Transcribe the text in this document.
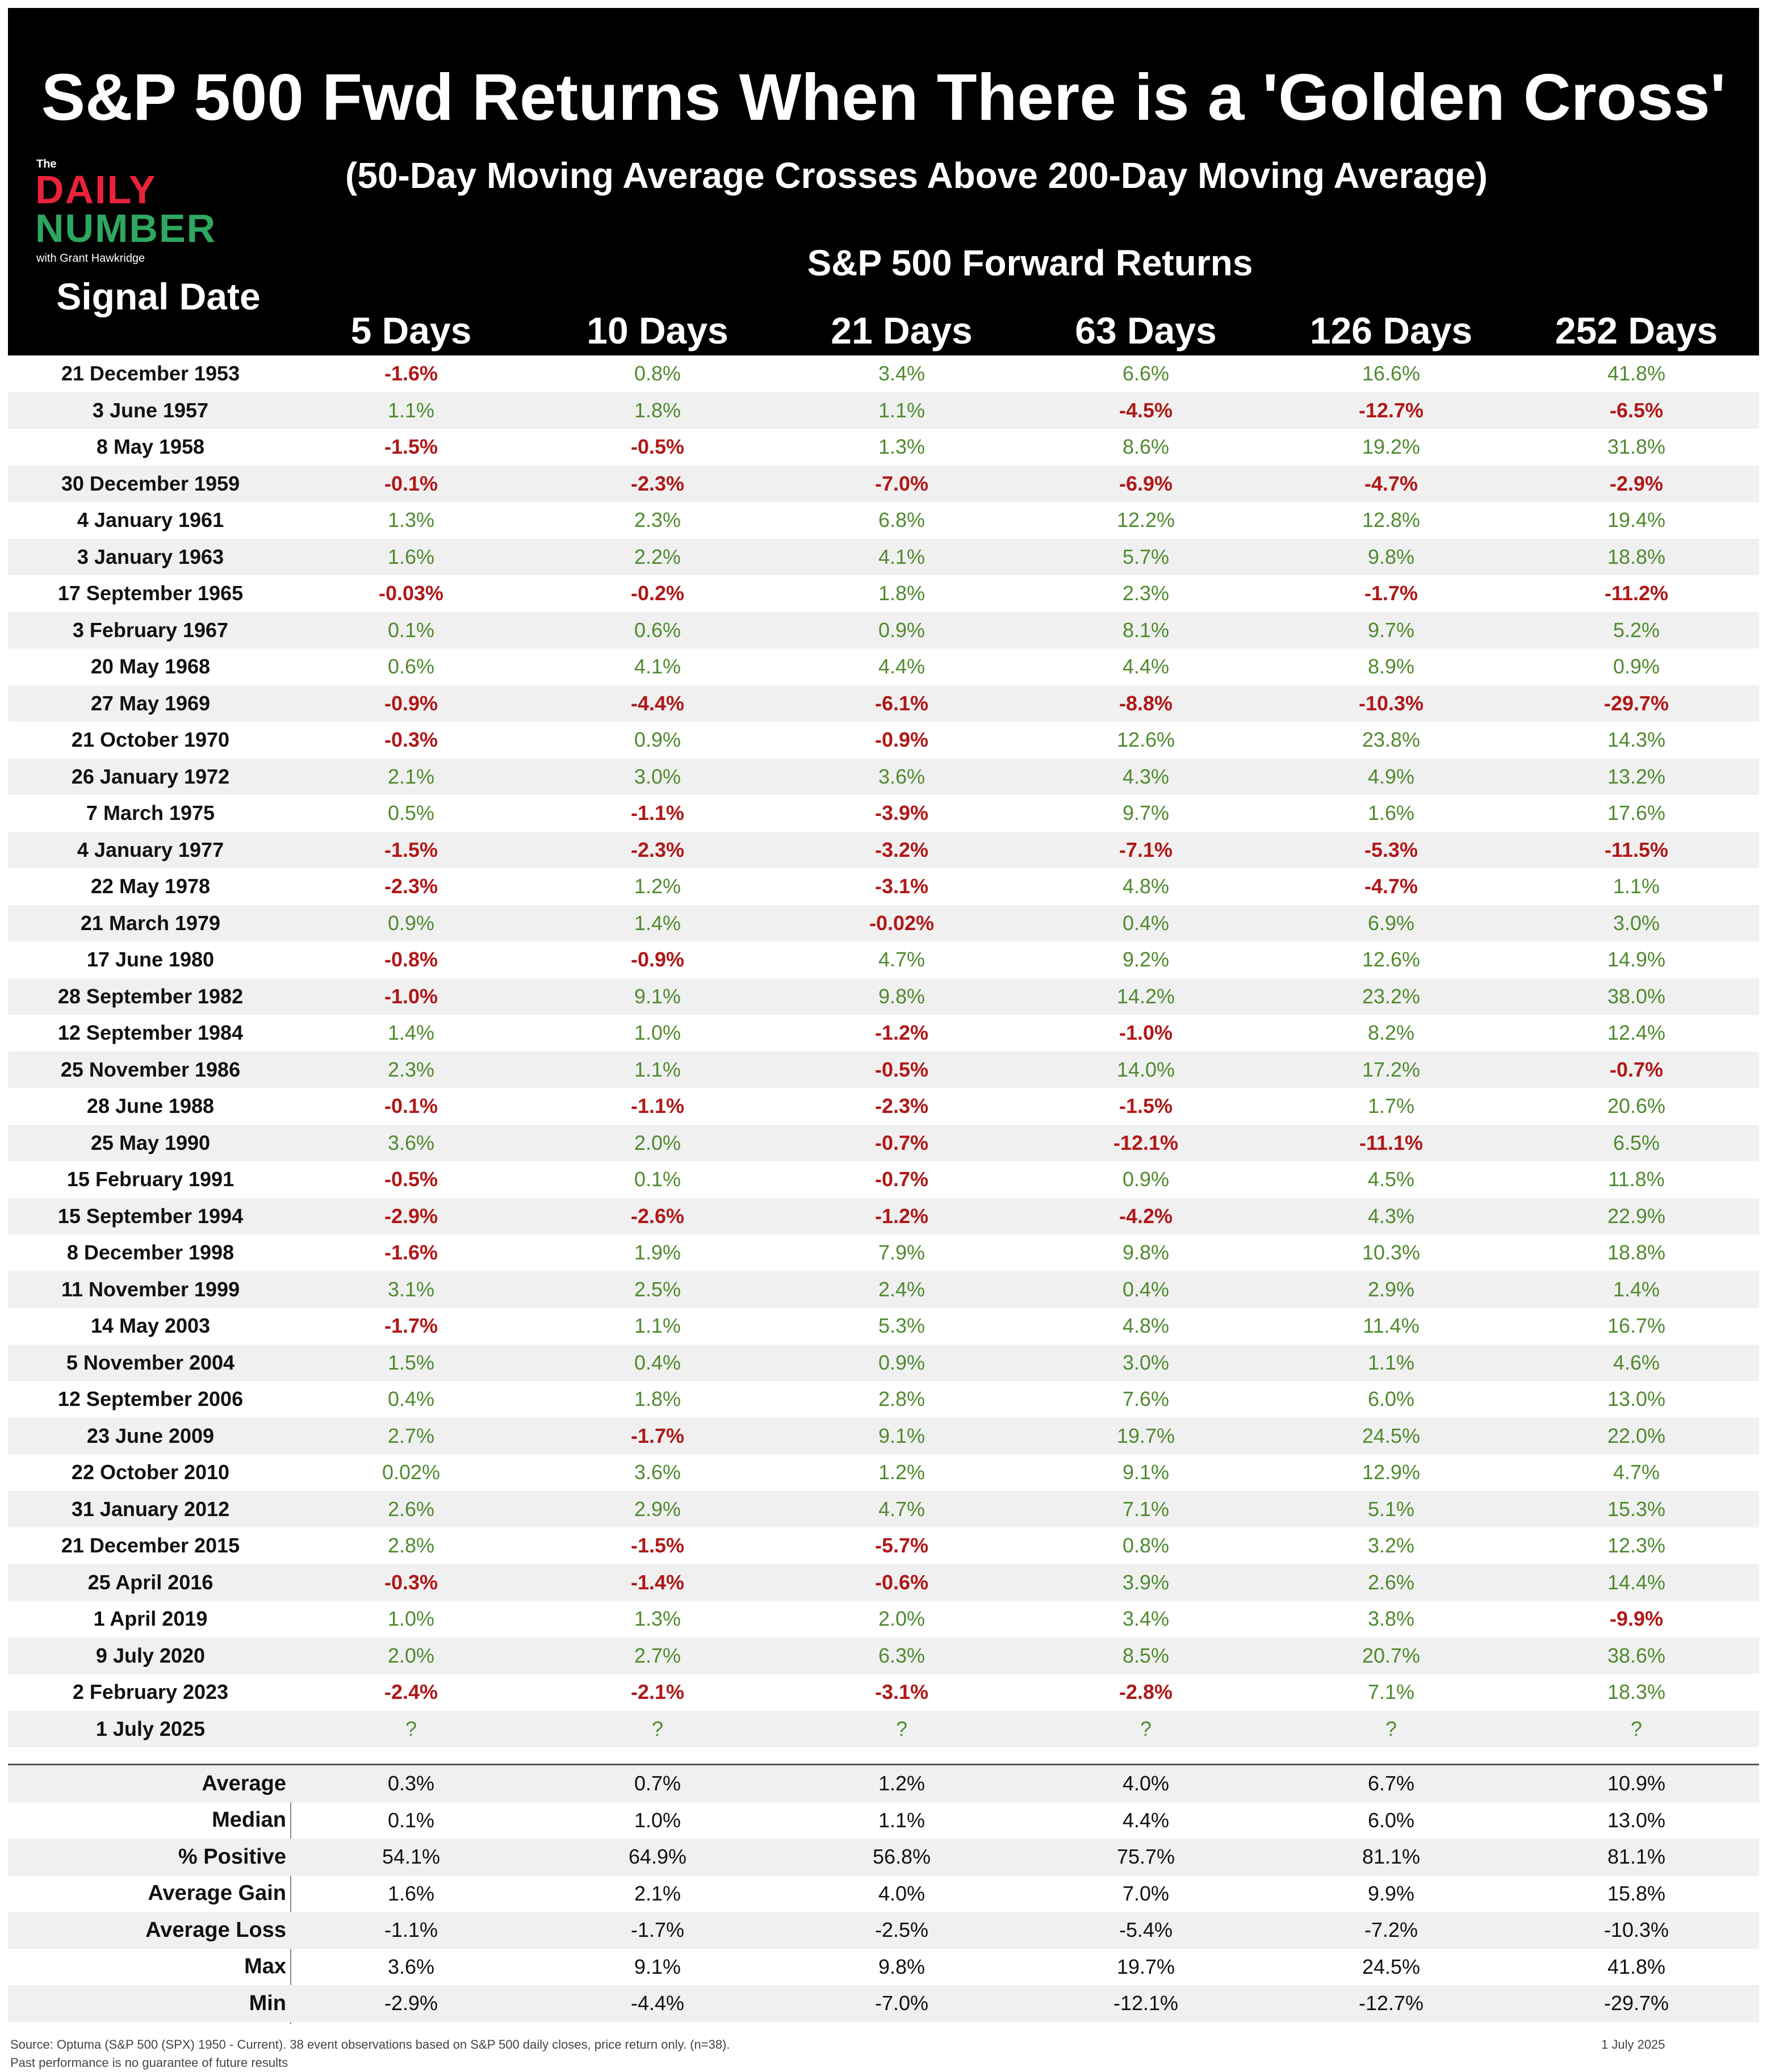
S&P 500 Fwd Returns When There is a 'Golden Cross'
The
DAILY
NUMBER
with Grant Hawkridge
(50-Day Moving Average Crosses Above 200-Day Moving Average)
S&P 500 Forward Returns
Signal Date
5 Days	10 Days	21 Days	63 Days	126 Days	252 Days
21 December 1953	-1.6%	0.8%	3.4%	6.6%	16.6%	41.8%
3 June 1957	1.1%	1.8%	1.1%	-4.5%	-12.7%	-6.5%
8 May 1958	-1.5%	-0.5%	1.3%	8.6%	19.2%	31.8%
30 December 1959	-0.1%	-2.3%	-7.0%	-6.9%	-4.7%	-2.9%
4 January 1961	1.3%	2.3%	6.8%	12.2%	12.8%	19.4%
3 January 1963	1.6%	2.2%	4.1%	5.7%	9.8%	18.8%
17 September 1965	-0.03%	-0.2%	1.8%	2.3%	-1.7%	-11.2%
3 February 1967	0.1%	0.6%	0.9%	8.1%	9.7%	5.2%
20 May 1968	0.6%	4.1%	4.4%	4.4%	8.9%	0.9%
27 May 1969	-0.9%	-4.4%	-6.1%	-8.8%	-10.3%	-29.7%
21 October 1970	-0.3%	0.9%	-0.9%	12.6%	23.8%	14.3%
26 January 1972	2.1%	3.0%	3.6%	4.3%	4.9%	13.2%
7 March 1975	0.5%	-1.1%	-3.9%	9.7%	1.6%	17.6%
4 January 1977	-1.5%	-2.3%	-3.2%	-7.1%	-5.3%	-11.5%
22 May 1978	-2.3%	1.2%	-3.1%	4.8%	-4.7%	1.1%
21 March 1979	0.9%	1.4%	-0.02%	0.4%	6.9%	3.0%
17 June 1980	-0.8%	-0.9%	4.7%	9.2%	12.6%	14.9%
28 September 1982	-1.0%	9.1%	9.8%	14.2%	23.2%	38.0%
12 September 1984	1.4%	1.0%	-1.2%	-1.0%	8.2%	12.4%
25 November 1986	2.3%	1.1%	-0.5%	14.0%	17.2%	-0.7%
28 June 1988	-0.1%	-1.1%	-2.3%	-1.5%	1.7%	20.6%
25 May 1990	3.6%	2.0%	-0.7%	-12.1%	-11.1%	6.5%
15 February 1991	-0.5%	0.1%	-0.7%	0.9%	4.5%	11.8%
15 September 1994	-2.9%	-2.6%	-1.2%	-4.2%	4.3%	22.9%
8 December 1998	-1.6%	1.9%	7.9%	9.8%	10.3%	18.8%
11 November 1999	3.1%	2.5%	2.4%	0.4%	2.9%	1.4%
14 May 2003	-1.7%	1.1%	5.3%	4.8%	11.4%	16.7%
5 November 2004	1.5%	0.4%	0.9%	3.0%	1.1%	4.6%
12 September 2006	0.4%	1.8%	2.8%	7.6%	6.0%	13.0%
23 June 2009	2.7%	-1.7%	9.1%	19.7%	24.5%	22.0%
22 October 2010	0.02%	3.6%	1.2%	9.1%	12.9%	4.7%
31 January 2012	2.6%	2.9%	4.7%	7.1%	5.1%	15.3%
21 December 2015	2.8%	-1.5%	-5.7%	0.8%	3.2%	12.3%
25 April 2016	-0.3%	-1.4%	-0.6%	3.9%	2.6%	14.4%
1 April 2019	1.0%	1.3%	2.0%	3.4%	3.8%	-9.9%
9 July 2020	2.0%	2.7%	6.3%	8.5%	20.7%	38.6%
2 February 2023	-2.4%	-2.1%	-3.1%	-2.8%	7.1%	18.3%
1 July 2025	?	?	?	?	?	?
Average	0.3%	0.7%	1.2%	4.0%	6.7%	10.9%
Median	0.1%	1.0%	1.1%	4.4%	6.0%	13.0%
% Positive	54.1%	64.9%	56.8%	75.7%	81.1%	81.1%
Average Gain	1.6%	2.1%	4.0%	7.0%	9.9%	15.8%
Average Loss	-1.1%	-1.7%	-2.5%	-5.4%	-7.2%	-10.3%
Max	3.6%	9.1%	9.8%	19.7%	24.5%	41.8%
Min	-2.9%	-4.4%	-7.0%	-12.1%	-12.7%	-29.7%
Source: Optuma (S&P 500 (SPX) 1950 - Current). 38 event observations based on S&P 500 daily closes, price return only. (n=38).
Past performance is no guarantee of future results
1 July 2025
